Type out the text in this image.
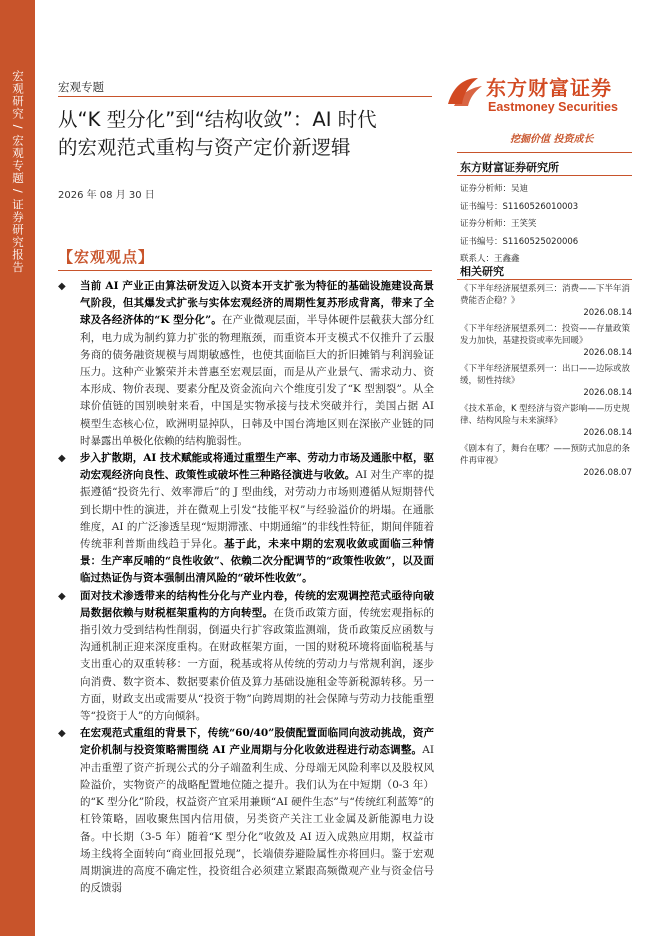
宏观研究 / 宏观专题 / 证券研究报告	宏观专题
从“K 型分化”到“结构收敛”：AI 时代
的宏观范式重构与资产定价新逻辑
2026 年 08 月 30 日
东方财富证券
Eastmoney Securities
挖掘价值 投资成长
东方财富证券研究所
证券分析师：吴迪
证书编号：S1160526010003
证券分析师：王笑笑
证书编号：S1160525020006
联系人：王鑫鑫
相关研究
《下半年经济展望系列三：消费——下半年消费能否企稳？》
2026.08.14
《下半年经济展望系列二：投资——存量政策发力加快，基建投资或率先回暖》
2026.08.14
《下半年经济展望系列一：出口——边际或放缓，韧性持续》
2026.08.14
《技术革命，K 型经济与资产影响——历史规律、结构风险与未来演绎》
2026.08.14
《剧本有了，舞台在哪？——预防式加息的条件再审视》
2026.08.07
【宏观观点】
◆ 当前 AI 产业正由算法研发迈入以资本开支扩张为特征的基础设施建设高景气阶段，但其爆发式扩张与实体宏观经济的周期性复苏形成背离，带来了全球及各经济体的“K 型分化”。在产业微观层面，半导体硬件层截获大部分红利，电力成为制约算力扩张的物理瓶颈，而重资本开支模式不仅推升了云服务商的债务融资规模与周期敏感性，也使其面临巨大的折旧摊销与利润验证压力。这种产业繁荣并未普惠至宏观层面，而是从产业景气、需求动力、资本形成、物价表现、要素分配及资金流向六个维度引发了“K 型割裂”。从全球价值链的国别映射来看，中国是实物承接与技术突破并行，美国占据 AI 模型生态核心位，欧洲明显掉队，日韩及中国台湾地区则在深嵌产业链的同时暴露出单极化依赖的结构脆弱性。
◆ 步入扩散期，AI 技术赋能或将通过重塑生产率、劳动力市场及通胀中枢，驱动宏观经济向良性、政策性或破坏性三种路径演进与收敛。AI 对生产率的提振遵循“投资先行、效率滞后”的 J 型曲线，对劳动力市场则遵循从短期替代到长期中性的演进，并在微观上引发“技能平权”与经验溢价的坍塌。在通胀维度，AI 的广泛渗透呈现“短期滞涨、中期通缩”的非线性特征，期间伴随着传统菲利普斯曲线趋于异化。基于此，未来中期的宏观收敛或面临三种情景：生产率反哺的“良性收敛”、依赖二次分配调节的“政策性收敛”，以及面临过热证伪与资本强制出清风险的“破坏性收敛”。
◆ 面对技术渗透带来的结构性分化与产业内卷，传统的宏观调控范式亟待向破局数据依赖与财税框架重构的方向转型。在货币政策方面，传统宏观指标的指引效力受到结构性削弱，倒逼央行扩容政策监测端，货币政策反应函数与沟通机制正迎来深度重构。在财政框架方面，一国的财税环境将面临税基与支出重心的双重转移：一方面，税基或将从传统的劳动力与常规利润，逐步向消费、数字资本、数据要素价值及算力基础设施租金等新税源转移。另一方面，财政支出或需要从“投资于物”向跨周期的社会保障与劳动力技能重塑等“投资于人”的方向倾斜。
◆ 在宏观范式重组的背景下，传统“60/40”股债配置面临同向波动挑战，资产定价机制与投资策略需围绕 AI 产业周期与分化收敛进程进行动态调整。AI 冲击重塑了资产折现公式的分子端盈利生成、分母端无风险利率以及股权风险溢价，实物资产的战略配置地位随之提升。我们认为在中短期（0-3 年）的“K 型分化”阶段，权益资产宜采用兼顾“AI 硬件生态”与“传统红利蓝筹”的杠铃策略，固收聚焦国内信用债，另类资产关注工业金属及新能源电力设备。中长期（3-5 年）随着“K 型分化”收敛及 AI 迈入成熟应用期，权益市场主线将全面转向“商业回报兑现”，长端债券避险属性亦将回归。鉴于宏观周期演进的高度不确定性，投资组合必须建立紧跟高频微观产业与资金信号的反馈弱
